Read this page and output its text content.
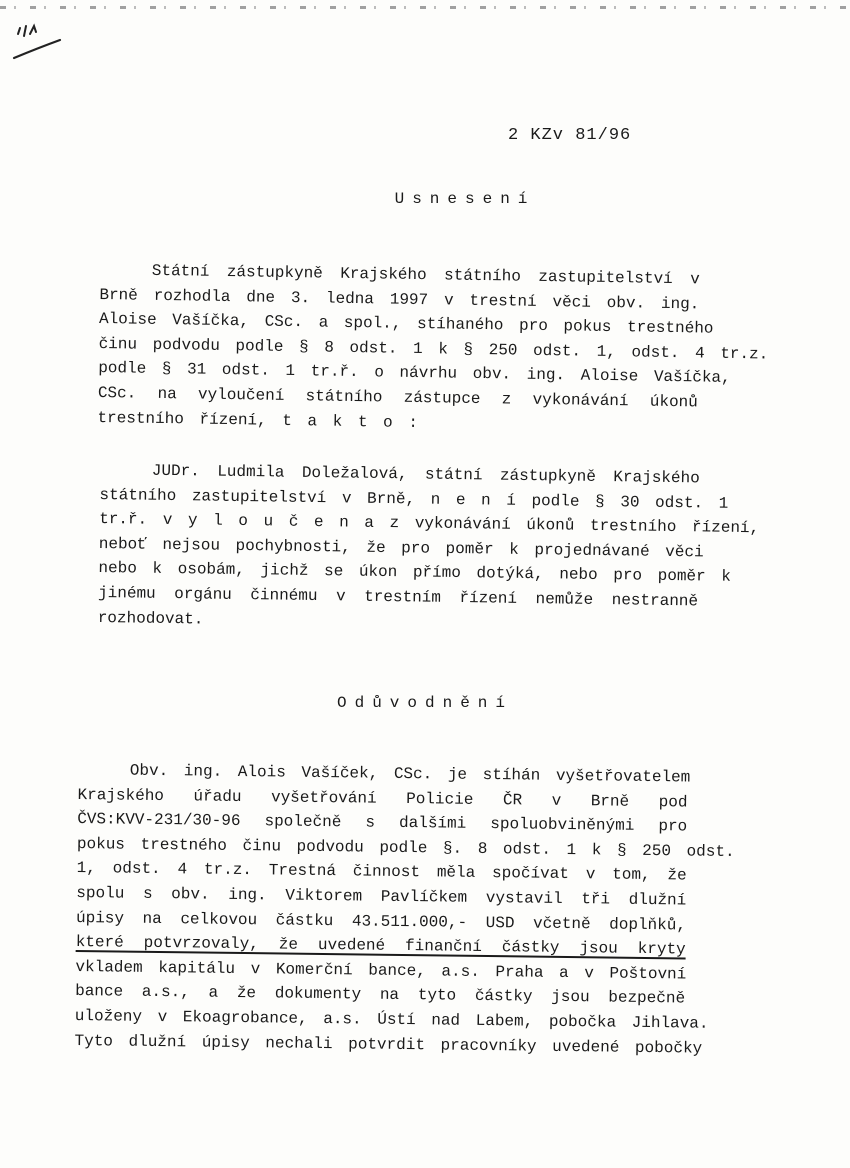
2 KZv 81/96
Usnesení
Státní zástupkyně Krajského státního zastupitelství v
Brně rozhodla dne 3. ledna 1997 v trestní věci obv. ing.
Aloise Vašíčka, CSc. a spol., stíhaného pro pokus trestného
činu podvodu podle § 8 odst. 1 k § 250 odst. 1, odst. 4 tr.z.
podle § 31 odst. 1 tr.ř. o návrhu obv. ing. Aloise Vašíčka,
CSc. na vyloučení státního zástupce z vykonávání úkonů
trestního řízení, t a k t o :
JUDr. Ludmila Doležalová, státní zástupkyně Krajského
státního zastupitelství v Brně, n e n í podle § 30 odst. 1
tr.ř. v y l o u č e n a z vykonávání úkonů trestního řízení,
neboť nejsou pochybnosti, že pro poměr k projednávané věci
nebo k osobám, jichž se úkon přímo dotýká, nebo pro poměr k
jinému orgánu činnému v trestním řízení nemůže nestranně
rozhodovat.
Odůvodnění
Obv. ing. Alois Vašíček, CSc. je stíhán vyšetřovatelem
Krajského úřadu vyšetřování Policie ČR v Brně pod
ČVS:KVV-231/30-96 společně s dalšími spoluobviněnými pro
pokus trestného činu podvodu podle §. 8 odst. 1 k § 250 odst.
1, odst. 4 tr.z. Trestná činnost měla spočívat v tom, že
spolu s obv. ing. Viktorem Pavlíčkem vystavil tři dlužní
úpisy na celkovou částku 43.511.000,- USD včetně doplňků,
které potvrzovaly, že uvedené finanční částky jsou kryty
vkladem kapitálu v Komerční bance, a.s. Praha a v Poštovní
bance a.s., a že dokumenty na tyto částky jsou bezpečně
uloženy v Ekoagrobance, a.s. Ústí nad Labem, pobočka Jihlava.
Tyto dlužní úpisy nechali potvrdit pracovníky uvedené pobočky
